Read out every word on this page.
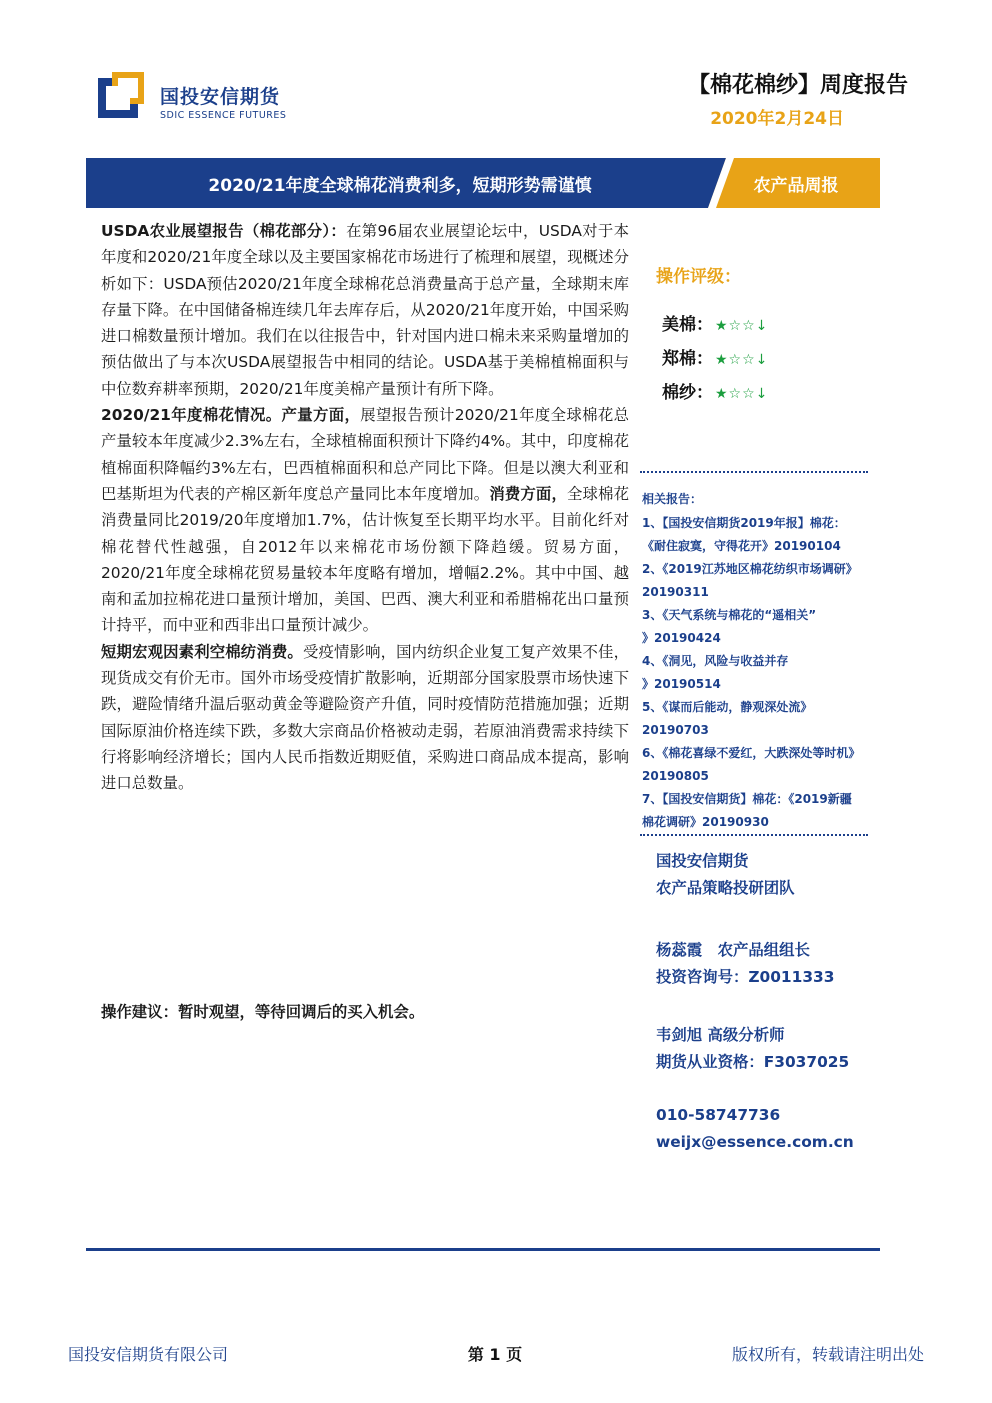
国投安信期货
SDIC ESSENCE FUTURES
【棉花棉纱】周度报告
2020年2月24日
2020/21年度全球棉花消费利多，短期形势需谨慎	农产品周报

USDA农业展望报告（棉花部分）：在第96届农业展望论坛中，USDA对于本年度和2020/21年度全球以及主要国家棉花市场进行了梳理和展望，现概述分析如下：USDA预估2020/21年度全球棉花总消费量高于总产量，全球期末库存量下降。在中国储备棉连续几年去库存后，从2020/21年度开始，中国采购进口棉数量预计增加。我们在以往报告中，针对国内进口棉未来采购量增加的预估做出了与本次USDA展望报告中相同的结论。USDA基于美棉植棉面积与中位数弃耕率预期，2020/21年度美棉产量预计有所下降。

2020/21年度棉花情况。产量方面，展望报告预计2020/21年度全球棉花总产量较本年度减少2.3%左右，全球植棉面积预计下降约4%。其中，印度棉花植棉面积降幅约3%左右，巴西植棉面积和总产同比下降。但是以澳大利亚和巴基斯坦为代表的产棉区新年度总产量同比本年度增加。消费方面，全球棉花消费量同比2019/20年度增加1.7%，估计恢复至长期平均水平。目前化纤对棉花替代性越强，自2012年以来棉花市场份额下降趋缓。贸易方面，2020/21年度全球棉花贸易量较本年度略有增加，增幅2.2%。其中中国、越南和孟加拉棉花进口量预计增加，美国、巴西、澳大利亚和希腊棉花出口量预计持平，而中亚和西非出口量预计减少。

短期宏观因素利空棉纺消费。受疫情影响，国内纺织企业复工复产效果不佳，现货成交有价无市。国外市场受疫情扩散影响，近期部分国家股票市场快速下跌，避险情绪升温后驱动黄金等避险资产升值，同时疫情防范措施加强；近期国际原油价格连续下跌，多数大宗商品价格被动走弱，若原油消费需求持续下行将影响经济增长；国内人民币指数近期贬值，采购进口商品成本提高，影响进口总数量。

操作建议：暂时观望，等待回调后的买入机会。
操作评级：
美棉： ★☆☆↓
郑棉： ★☆☆↓
棉纱： ★☆☆↓
相关报告：
1、【国投安信期货2019年报】棉花：
《耐住寂寞，守得花开》20190104
2、《2019江苏地区棉花纺织市场调研》
20190311
3、《天气系统与棉花的“遥相关”
》20190424
4、《洞见，风险与收益并存
》20190514
5、《谋而后能动，静观深处流》
20190703
6、《棉花喜绿不爱红，大跌深处等时机》
20190805
7、【国投安信期货】棉花：《2019新疆
棉花调研》20190930
国投安信期货
农产品策略投研团队
杨蕊霞　农产品组组长
投资咨询号：Z0011333
韦剑旭 高级分析师
期货从业资格：F3037025
010-58747736
weijx@essence.com.cn
国投安信期货有限公司	第 1 页	版权所有，转载请注明出处
